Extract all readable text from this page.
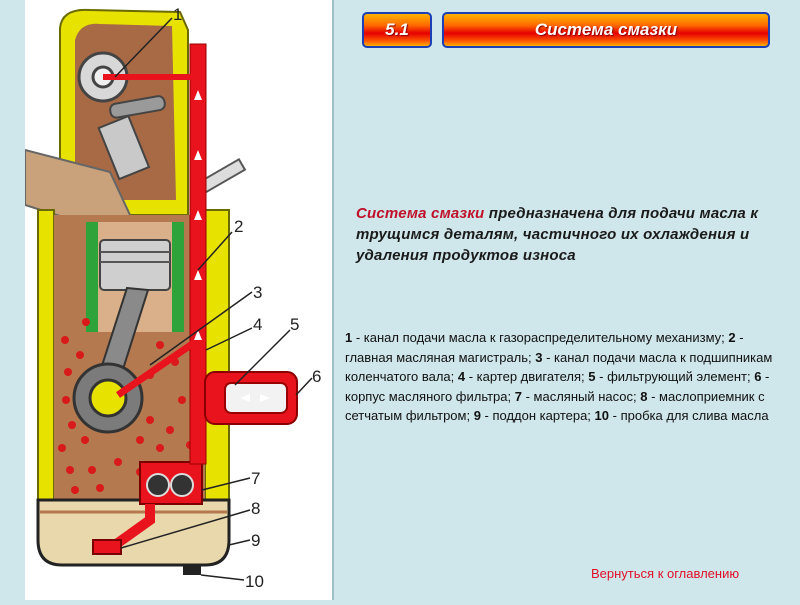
1
2
3
4 5
6
7
8
9
10
5.1	Система смазки
Система смазки предназначена для подачи масла к трущимся деталям, частичного их охлаждения и удаления продуктов износа
1 - канал подачи масла к газораспределительному механизму; 2 - главная масляная магистраль; 3 - канал подачи масла к подшипникам коленчатого вала; 4 - картер двигателя; 5 - фильтрующий элемент; 6 - корпус масляного фильтра; 7 - масляный насос; 8 - маслоприемник с сетчатым фильтром; 9 - поддон картера; 10 - пробка для слива масла
Вернуться к оглавлению
